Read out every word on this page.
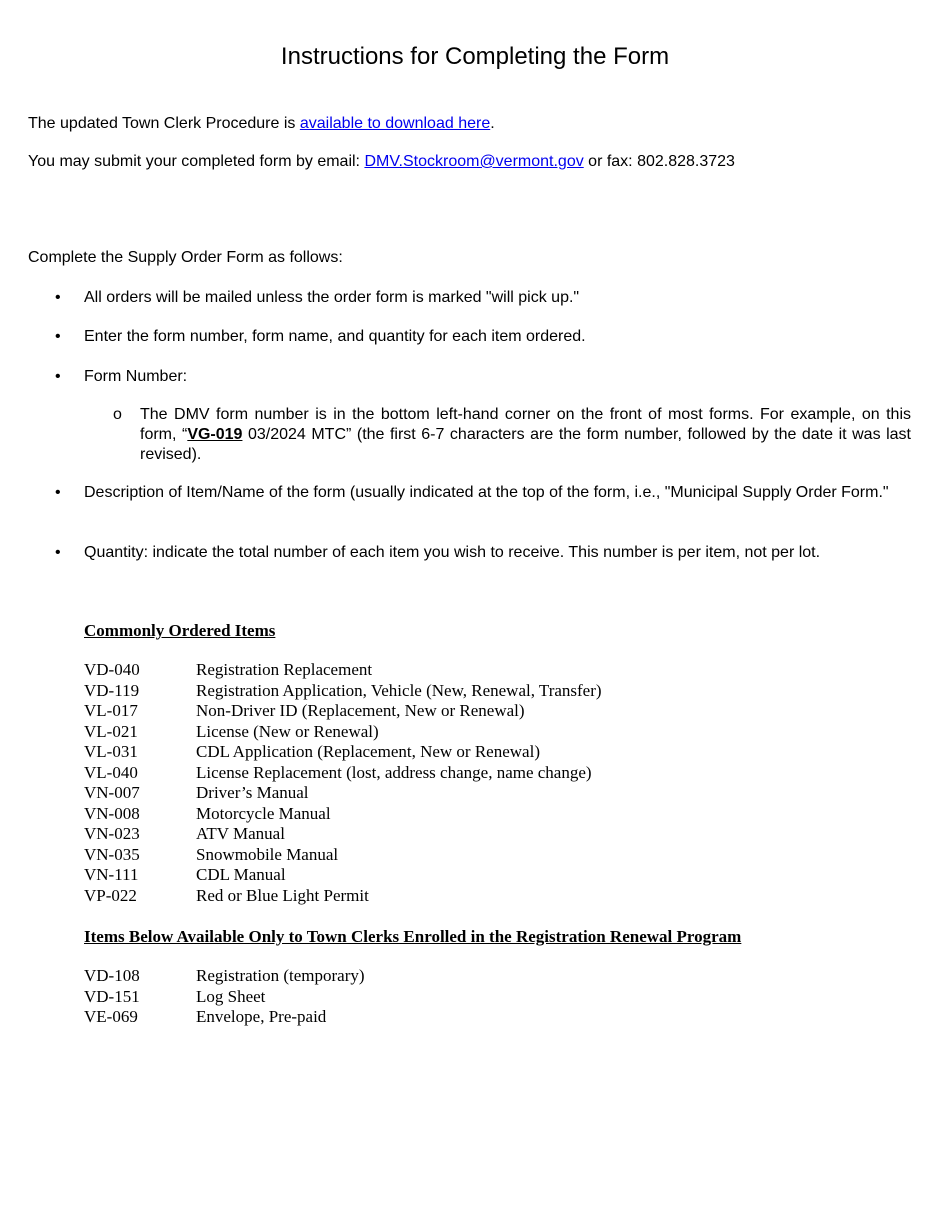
Instructions for Completing the Form
The updated Town Clerk Procedure is available to download here.
You may submit your completed form by email: DMV.Stockroom@vermont.gov or fax: 802.828.3723
Complete the Supply Order Form as follows:
•	All orders will be mailed unless the order form is marked "will pick up."
•	Enter the form number, form name, and quantity for each item ordered.
•	Form Number:
o The DMV form number is in the bottom left-hand corner on the front of most forms. For example, on this form, “VG-019 03/2024 MTC” (the first 6-7 characters are the form number, followed by the date it was last revised).
•	Description of Item/Name of the form (usually indicated at the top of the form, i.e., "Municipal Supply Order Form."
•	Quantity: indicate the total number of each item you wish to receive. This number is per item, not per lot.
Commonly Ordered Items
VD-040	Registration Replacement
VD-119	Registration Application, Vehicle (New, Renewal, Transfer)
VL-017	Non-Driver ID (Replacement, New or Renewal)
VL-021	License (New or Renewal)
VL-031	CDL Application (Replacement, New or Renewal)
VL-040	License Replacement (lost, address change, name change)
VN-007	Driver’s Manual
VN-008	Motorcycle Manual
VN-023	ATV Manual
VN-035	Snowmobile Manual
VN-111	CDL Manual
VP-022	Red or Blue Light Permit
Items Below Available Only to Town Clerks Enrolled in the Registration Renewal Program
VD-108	Registration (temporary)
VD-151	Log Sheet
VE-069	Envelope, Pre-paid
